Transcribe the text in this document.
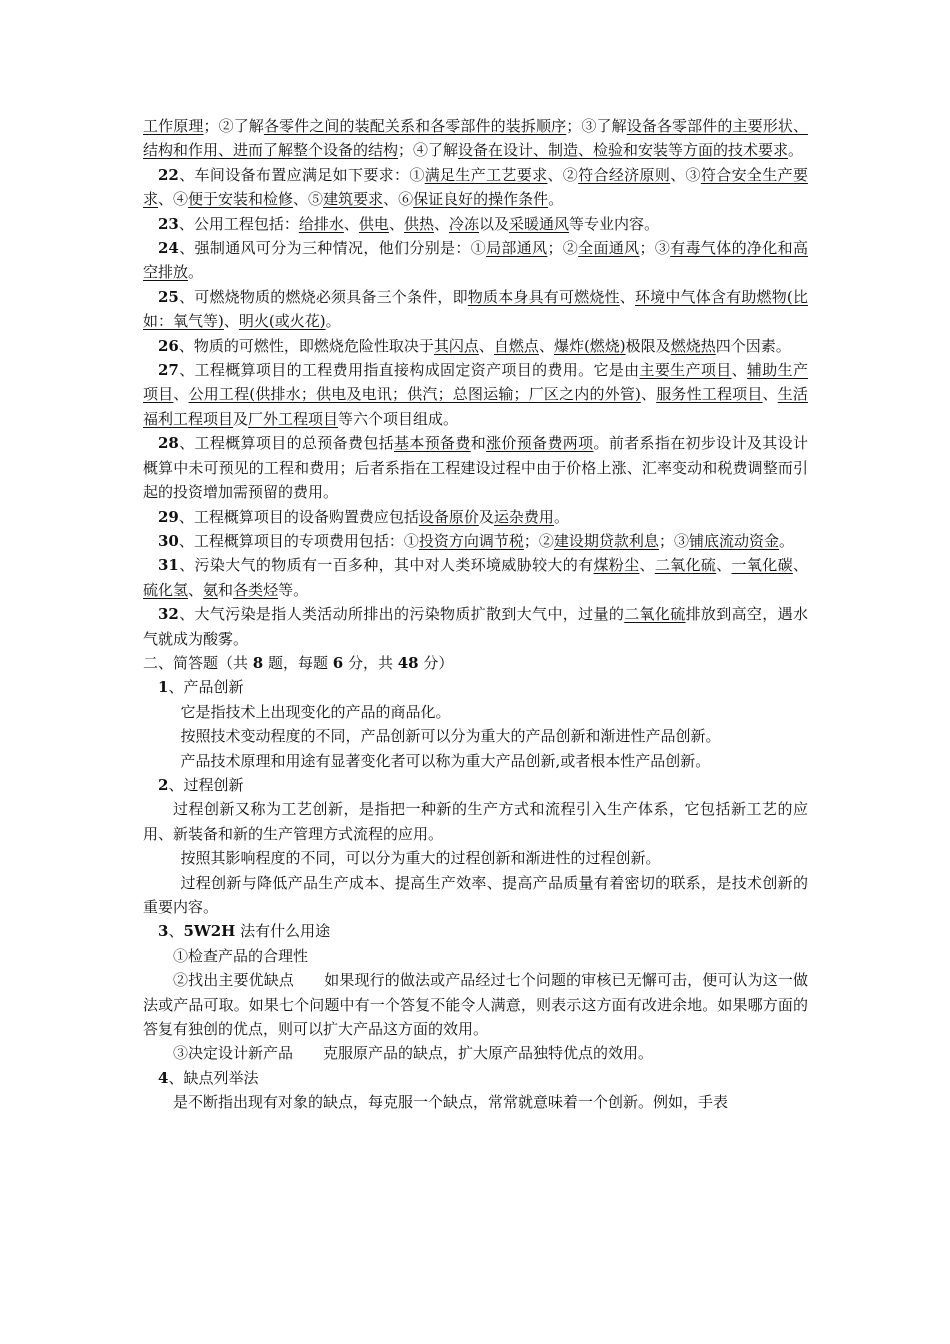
工作原理；②了解各零件之间的装配关系和各零部件的装拆顺序；③了解设备各零部件的主要形状、结构和作用、进而了解整个设备的结构；④了解设备在设计、制造、检验和安装等方面的技术要求。

22、车间设备布置应满足如下要求：①满足生产工艺要求、②符合经济原则、③符合安全生产要求、④便于安装和检修、⑤建筑要求、⑥保证良好的操作条件。

23、公用工程包括：给排水、供电、供热、冷冻以及采暖通风等专业内容。

24、强制通风可分为三种情况，他们分别是：①局部通风；②全面通风；③有毒气体的净化和高空排放。

25、可燃烧物质的燃烧必须具备三个条件，即物质本身具有可燃烧性、环境中气体含有助燃物(比如：氧气等)、明火(或火花)。

26、物质的可燃性，即燃烧危险性取决于其闪点、自燃点、爆炸(燃烧)极限及燃烧热四个因素。

27、工程概算项目的工程费用指直接构成固定资产项目的费用。它是由主要生产项目、辅助生产项目、公用工程(供排水；供电及电讯；供汽；总图运输；厂区之内的外管)、服务性工程项目、生活福利工程项目及厂外工程项目等六个项目组成。

28、工程概算项目的总预备费包括基本预备费和涨价预备费两项。前者系指在初步设计及其设计概算中未可预见的工程和费用；后者系指在工程建设过程中由于价格上涨、汇率变动和税费调整而引起的投资增加需预留的费用。

29、工程概算项目的设备购置费应包括设备原价及运杂费用。

30、工程概算项目的专项费用包括：①投资方向调节税；②建设期贷款利息；③铺底流动资金。

31、污染大气的物质有一百多种，其中对人类环境威胁较大的有煤粉尘、二氧化硫、一氧化碳、硫化氢、氨和各类烃等。

32、大气污染是指人类活动所排出的污染物质扩散到大气中，过量的二氧化硫排放到高空，遇水气就成为酸雾。

二、简答题（共 8 题，每题 6 分，共 48 分）

1、产品创新

它是指技术上出现变化的产品的商品化。

按照技术变动程度的不同，产品创新可以分为重大的产品创新和渐进性产品创新。

产品技术原理和用途有显著变化者可以称为重大产品创新,或者根本性产品创新。

2、过程创新

过程创新又称为工艺创新，是指把一种新的生产方式和流程引入生产体系，它包括新工艺的应用、新装备和新的生产管理方式流程的应用。

按照其影响程度的不同，可以分为重大的过程创新和渐进性的过程创新。

过程创新与降低产品生产成本、提高生产效率、提高产品质量有着密切的联系，是技术创新的重要内容。

3、5W2H 法有什么用途

①检查产品的合理性

②找出主要优缺点　　如果现行的做法或产品经过七个问题的审核已无懈可击，便可认为这一做法或产品可取。如果七个问题中有一个答复不能令人满意，则表示这方面有改进余地。如果哪方面的答复有独创的优点，则可以扩大产品这方面的效用。

③决定设计新产品　　克服原产品的缺点，扩大原产品独特优点的效用。

4、缺点列举法

是不断指出现有对象的缺点，每克服一个缺点，常常就意味着一个创新。例如，手表
